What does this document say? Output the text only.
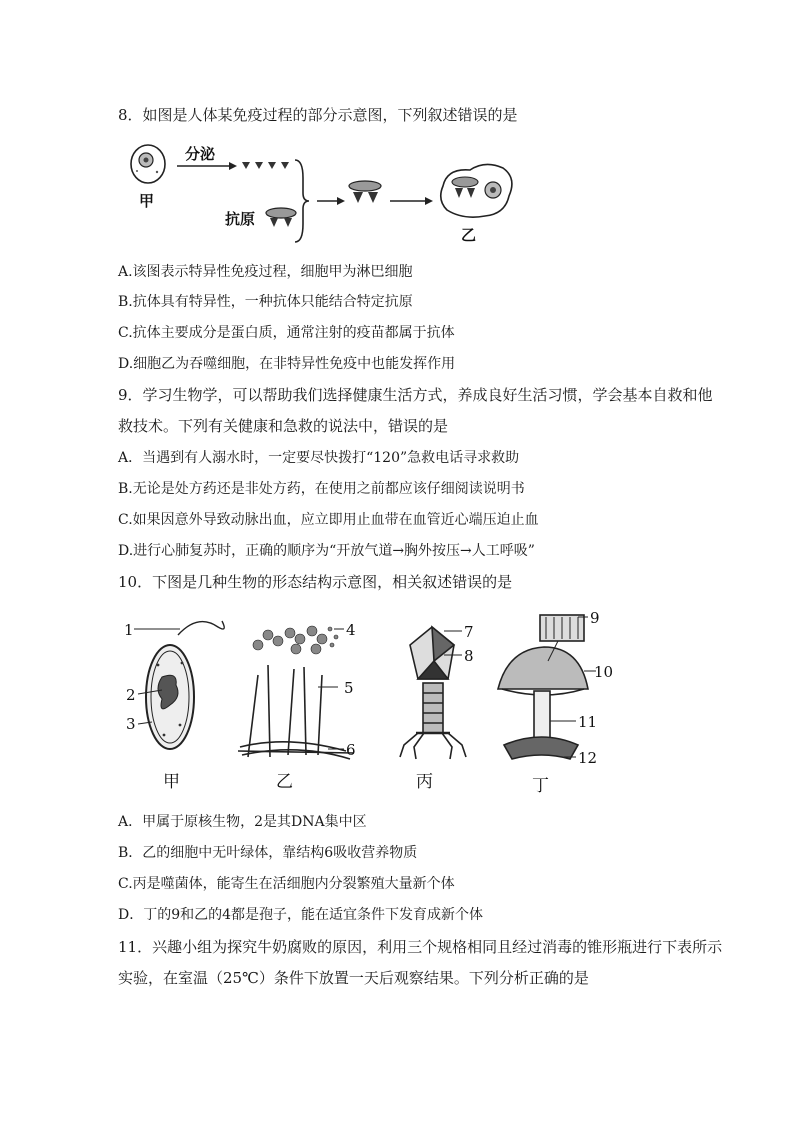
8．如图是人体某免疫过程的部分示意图，下列叙述错误的是
甲
分泌
抗原
乙
A.该图表示特异性免疫过程，细胞甲为淋巴细胞
B.抗体具有特异性，一种抗体只能结合特定抗原
C.抗体主要成分是蛋白质，通常注射的疫苗都属于抗体
D.细胞乙为吞噬细胞，在非特异性免疫中也能发挥作用
9．学习生物学，可以帮助我们选择健康生活方式，养成良好生活习惯，学会基本自救和他
救技术。下列有关健康和急救的说法中，错误的是
A．当遇到有人溺水时，一定要尽快拨打“120”急救电话寻求救助
B.无论是处方药还是非处方药，在使用之前都应该仔细阅读说明书
C.如果因意外导致动脉出血，应立即用止血带在血管近心端压迫止血
D.进行心肺复苏时，正确的顺序为“开放气道→胸外按压→人工呼吸”
10．下图是几种生物的形态结构示意图，相关叙述错误的是
1
2
3
甲
4
5
6
乙
7
8
丙
9
10
11
12
丁
A．甲属于原核生物，2是其DNA集中区
B．乙的细胞中无叶绿体，靠结构6吸收营养物质
C.丙是噬菌体，能寄生在活细胞内分裂繁殖大量新个体
D．丁的9和乙的4都是孢子，能在适宜条件下发育成新个体
11．兴趣小组为探究牛奶腐败的原因，利用三个规格相同且经过消毒的锥形瓶进行下表所示
实验，在室温（25℃）条件下放置一天后观察结果。下列分析正确的是
